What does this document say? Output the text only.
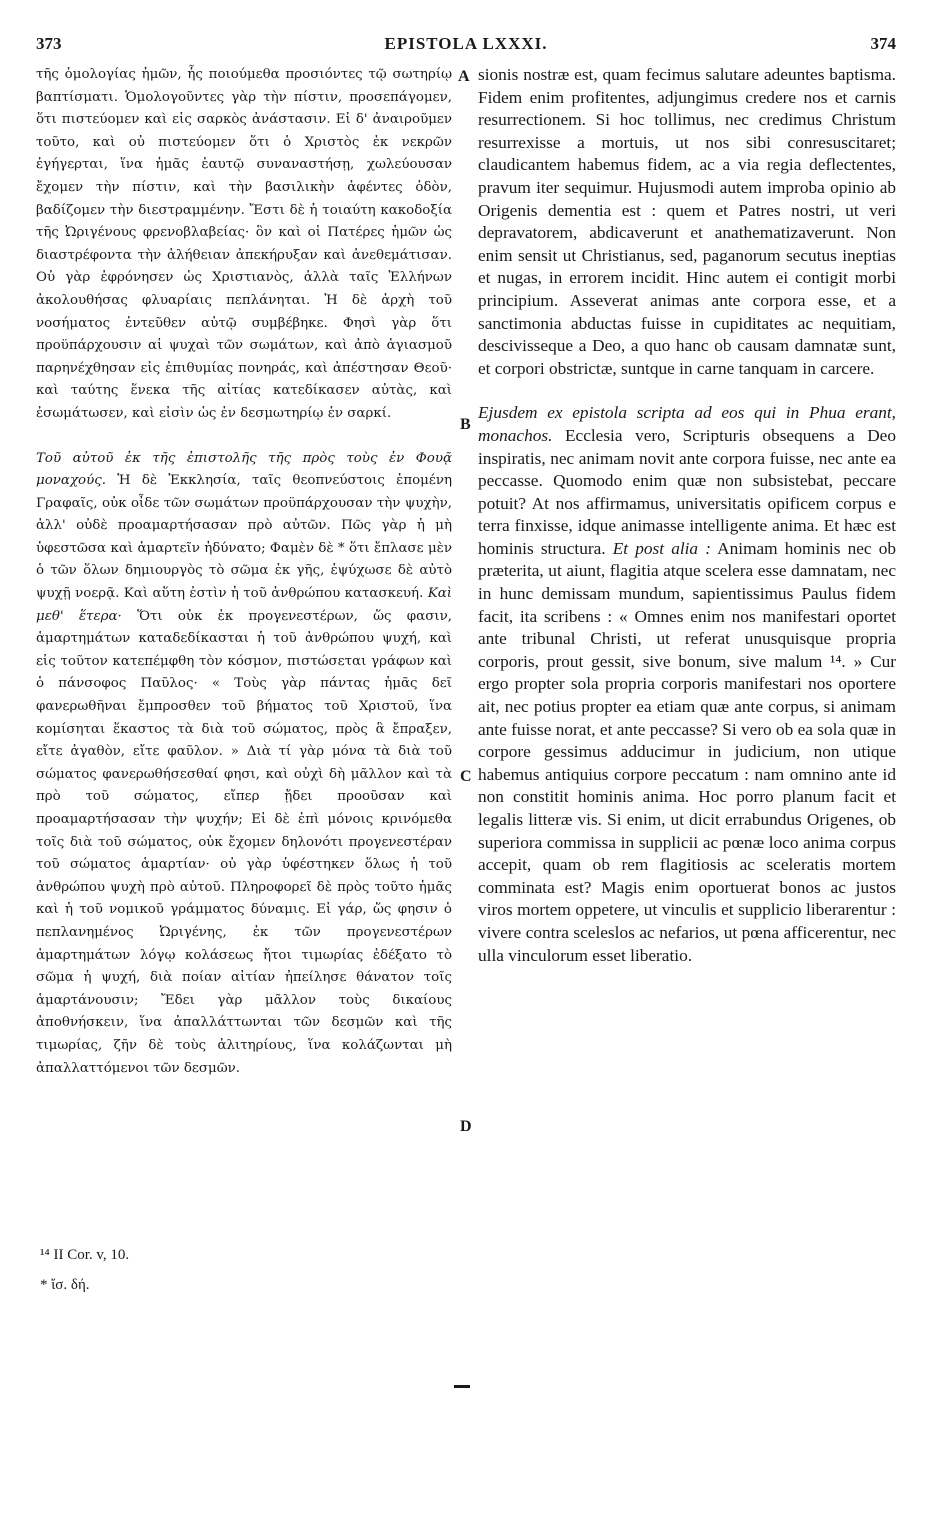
373	EPISTOLA LXXXI.	374

τῆς ὁμολογίας ἡμῶν, ἧς ποιούμεθα προσιόντες τῷ σωτηρίῳ βαπτίσματι. Ὁμολογοῦντες γὰρ τὴν πίστιν, προσεπάγομεν, ὅτι πιστεύομεν καὶ εἰς σαρκὸς ἀνάστασιν. Εἰ δ' ἀναιροῦμεν τοῦτο, καὶ οὐ πιστεύομεν ὅτι ὁ Χριστὸς ἐκ νεκρῶν ἐγήγερται, ἵνα ἡμᾶς ἑαυτῷ συναναστήσῃ, χωλεύουσαν ἔχομεν τὴν πίστιν, καὶ τὴν βασιλικὴν ἀφέντες ὁδὸν, βαδίζομεν τὴν διεστραμμένην. Ἔστι δὲ ἡ τοιαύτη κακοδοξία τῆς Ὠριγένους φρενοβλαβείας· ὃν καὶ οἱ Πατέρες ἡμῶν ὡς διαστρέφοντα τὴν ἀλήθειαν ἀπεκήρυξαν καὶ ἀνεθεμάτισαν. Οὐ γὰρ ἐφρόνησεν ὡς Χριστιανὸς, ἀλλὰ ταῖς Ἑλλήνων ἀκολουθήσας φλυαρίαις πεπλάνηται. Ἡ δὲ ἀρχὴ τοῦ νοσήματος ἐντεῦθεν αὐτῷ συμβέβηκε. Φησὶ γὰρ ὅτι προϋπάρχουσιν αἱ ψυχαὶ τῶν σωμάτων, καὶ ἀπὸ ἁγιασμοῦ παρηνέχθησαν εἰς ἐπιθυμίας πονηράς, καὶ ἀπέστησαν Θεοῦ· καὶ ταύτης ἕνεκα τῆς αἰτίας κατεδίκασεν αὐτὰς, καὶ ἐσωμάτωσεν, καὶ εἰσὶν ὡς ἐν δεσμωτηρίῳ ἐν σαρκί.

Τοῦ αὐτοῦ ἐκ τῆς ἐπιστολῆς τῆς πρὸς τοὺς ἐν Φουᾷ μοναχούς. Ἡ δὲ Ἐκκλησία, ταῖς θεοπνεύστοις ἑπομένη Γραφαῖς, οὐκ οἶδε τῶν σωμάτων προϋπάρχουσαν τὴν ψυχὴν, ἀλλ' οὐδὲ προαμαρτήσασαν πρὸ αὐτῶν. Πῶς γὰρ ἡ μὴ ὑφεστῶσα καὶ ἁμαρτεῖν ἠδύνατο; Φαμὲν δὲ * ὅτι ἔπλασε μὲν ὁ τῶν ὅλων δημιουργὸς τὸ σῶμα ἐκ γῆς, ἐψύχωσε δὲ αὐτὸ ψυχῇ νοερᾷ. Καὶ αὕτη ἐστὶν ἡ τοῦ ἀνθρώπου κατασκευή. Καὶ μεθ' ἕτερα· Ὅτι οὐκ ἐκ προγενεστέρων, ὥς φασιν, ἁμαρτημάτων καταδεδίκασται ἡ τοῦ ἀνθρώπου ψυχή, καὶ εἰς τοῦτον κατεπέμφθη τὸν κόσμον, πιστώσεται γράφων καὶ ὁ πάνσοφος Παῦλος· « Τοὺς γὰρ πάντας ἡμᾶς δεῖ φανερωθῆναι ἔμπροσθεν τοῦ βήματος τοῦ Χριστοῦ, ἵνα κομίσηται ἕκαστος τὰ διὰ τοῦ σώματος, πρὸς ἃ ἔπραξεν, εἴτε ἀγαθὸν, εἴτε φαῦλον. » Διὰ τί γὰρ μόνα τὰ διὰ τοῦ σώματος φανερωθήσεσθαί φησι, καὶ οὐχὶ δὴ μᾶλλον καὶ τὰ πρὸ τοῦ σώματος, εἴπερ ᾔδει προοῦσαν καὶ προαμαρτήσασαν τὴν ψυχήν; Εἰ δὲ ἐπὶ μόνοις κρινόμεθα τοῖς διὰ τοῦ σώματος, οὐκ ἔχομεν δηλονότι προγενεστέραν τοῦ σώματος ἁμαρτίαν· οὐ γὰρ ὑφέστηκεν ὅλως ἡ τοῦ ἀνθρώπου ψυχὴ πρὸ αὐτοῦ. Πληροφορεῖ δὲ πρὸς τοῦτο ἡμᾶς καὶ ἡ τοῦ νομικοῦ γράμματος δύναμις. Εἰ γάρ, ὥς φησιν ὁ πεπλανημένος Ὠριγένης, ἐκ τῶν προγενεστέρων ἁμαρτημάτων λόγῳ κολάσεως ἤτοι τιμωρίας ἐδέξατο τὸ σῶμα ἡ ψυχή, διὰ ποίαν αἰτίαν ἠπείλησε θάνατον τοῖς ἁμαρτάνουσιν; Ἔδει γὰρ μᾶλλον τοὺς δικαίους ἀποθνήσκειν, ἵνα ἀπαλλάττωνται τῶν δεσμῶν καὶ τῆς τιμωρίας, ζῆν δὲ τοὺς ἀλιτηρίους, ἵνα κολάζωνται μὴ ἀπαλλαττόμενοι τῶν δεσμῶν.

sionis nostræ est, quam fecimus salutare adeuntes baptisma. Fidem enim profitentes, adjungimus credere nos et carnis resurrectionem. Si hoc tollimus, nec credimus Christum resurrexisse a mortuis, ut nos sibi conresuscitaret; claudicantem habemus fidem, ac a via regia deflectentes, pravum iter sequimur. Hujusmodi autem improba opinio ab Origenis dementia est : quem et Patres nostri, ut veri depravatorem, abdicaverunt et anathematizaverunt. Non enim sensit ut Christianus, sed, paganorum secutus ineptias et nugas, in errorem incidit. Hinc autem ei contigit morbi principium. Asseverat animas ante corpora esse, et a sanctimonia abductas fuisse in cupiditates ac nequitiam, descivisseque a Deo, a quo hanc ob causam damnatæ sunt, et corpori obstrictæ, suntque in carne tanquam in carcere.

Ejusdem ex epistola scripta ad eos qui in Phua erant, monachos. Ecclesia vero, Scripturis obsequens a Deo inspiratis, nec animam novit ante corpora fuisse, nec ante ea peccasse. Quomodo enim quæ non subsistebat, peccare potuit? At nos affirmamus, universitatis opificem corpus e terra finxisse, idque animasse intelligente anima. Et hæc est hominis structura. Et post alia : Animam hominis nec ob præterita, ut aiunt, flagitia atque scelera esse damnatam, nec in hunc demissam mundum, sapientissimus Paulus fidem facit, ita scribens : « Omnes enim nos manifestari oportet ante tribunal Christi, ut referat unusquisque propria corporis, prout gessit, sive bonum, sive malum ¹⁴. » Cur ergo propter sola propria corporis manifestari nos oportere ait, nec potius propter ea etiam quæ ante corpus, si animam ante fuisse norat, et ante peccasse? Si vero ob ea sola quæ in corpore gessimus adducimur in judicium, non utique habemus antiquius corpore peccatum : nam omnino ante id non constitit hominis anima. Hoc porro planum facit et legalis litteræ vis. Si enim, ut dicit errabundus Origenes, ob superiora commissa in supplicii ac pœnæ loco anima corpus accepit, quam ob rem flagitiosis ac sceleratis mortem comminata est? Magis enim oportuerat bonos ac justos viros mortem oppetere, ut vinculis et supplicio liberarentur : vivere contra sceleslos ac nefarios, ut pœna afficerentur, nec ulla vinculorum esset liberatio.

A
B
C
D

¹⁴ II Cor. v, 10.

* ἴσ. δή.
